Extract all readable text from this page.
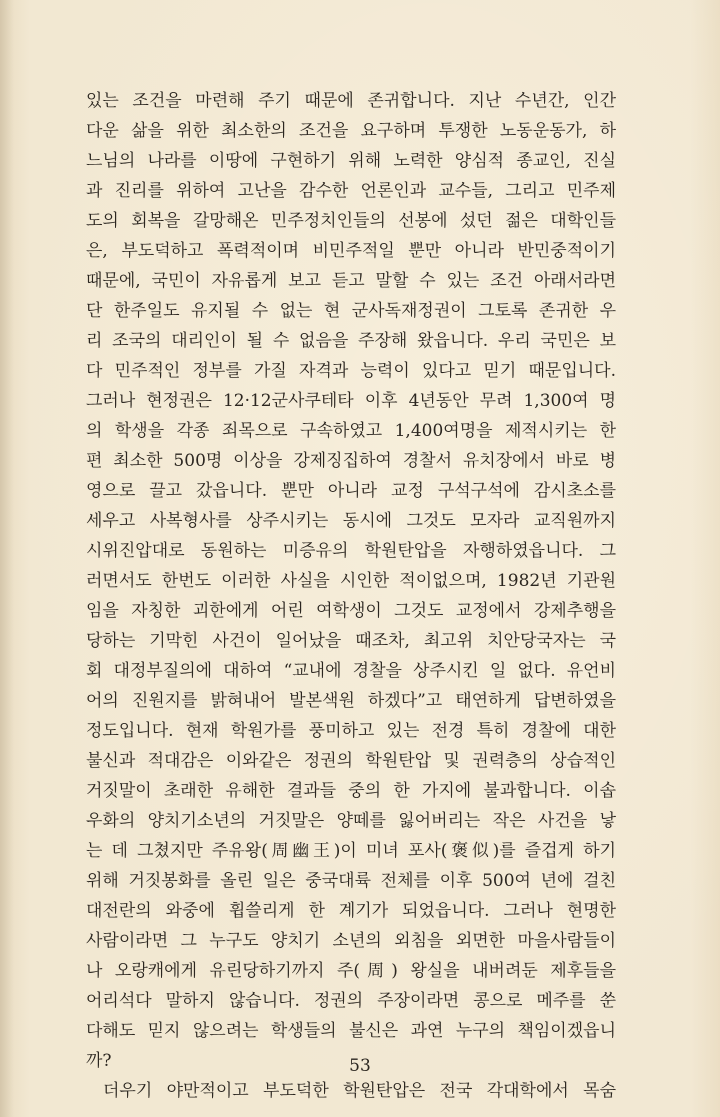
있는 조건을 마련해 주기 때문에 존귀합니다. 지난 수년간, 인간
다운 삶을 위한 최소한의 조건을 요구하며 투쟁한 노동운동가, 하
느님의 나라를 이땅에 구현하기 위해 노력한 양심적 종교인, 진실
과 진리를 위하여 고난을 감수한 언론인과 교수들, 그리고 민주제
도의 회복을 갈망해온 민주정치인들의 선봉에 섰던 젊은 대학인들
은, 부도덕하고 폭력적이며 비민주적일 뿐만 아니라 반민중적이기
때문에, 국민이 자유롭게 보고 듣고 말할 수 있는 조건 아래서라면
단 한주일도 유지될 수 없는 현 군사독재정권이 그토록 존귀한 우
리 조국의 대리인이 될 수 없음을 주장해 왔읍니다. 우리 국민은 보
다 민주적인 정부를 가질 자격과 능력이 있다고 믿기 때문입니다.
그러나 현정권은 12·12군사쿠테타 이후 4년동안 무려 1,300여 명
의 학생을 각종 죄목으로 구속하였고 1,400여명을 제적시키는 한
편 최소한 500명 이상을 강제징집하여 경찰서 유치장에서 바로 병
영으로 끌고 갔읍니다. 뿐만 아니라 교정 구석구석에 감시초소를
세우고 사복형사를 상주시키는 동시에 그것도 모자라 교직원까지
시위진압대로 동원하는 미증유의 학원탄압을 자행하였읍니다. 그
러면서도 한번도 이러한 사실을 시인한 적이없으며, 1982년 기관원
임을 자칭한 괴한에게 어린 여학생이 그것도 교정에서 강제추행을
당하는 기막힌 사건이 일어났을 때조차, 최고위 치안당국자는 국
회 대정부질의에 대하여 “교내에 경찰을 상주시킨 일 없다. 유언비
어의 진원지를 밝혀내어 발본색원 하겠다”고 태연하게 답변하였을
정도입니다. 현재 학원가를 풍미하고 있는 전경 특히 경찰에 대한
불신과 적대감은 이와같은 정권의 학원탄압 및 권력층의 상습적인
거짓말이 초래한 유해한 결과들 중의 한 가지에 불과합니다. 이솝
우화의 양치기소년의 거짓말은 양떼를 잃어버리는 작은 사건을 낳
는 데 그쳤지만 주유왕(周幽王)이 미녀 포사(褒似)를 즐겁게 하기
위해 거짓봉화를 올린 일은 중국대륙 전체를 이후 500여 년에 걸친
대전란의 와중에 휩쓸리게 한 계기가 되었읍니다. 그러나 현명한
사람이라면 그 누구도 양치기 소년의 외침을 외면한 마을사람들이
나 오랑캐에게 유린당하기까지 주(周) 왕실을 내버려둔 제후들을
어리석다 말하지 않습니다. 정권의 주장이라면 콩으로 메주를 쑨
다해도 믿지 않으려는 학생들의 불신은 과연 누구의 책임이겠읍니
까?
더우기 야만적이고 부도덕한 학원탄압은 전국 각대학에서 목숨
53
